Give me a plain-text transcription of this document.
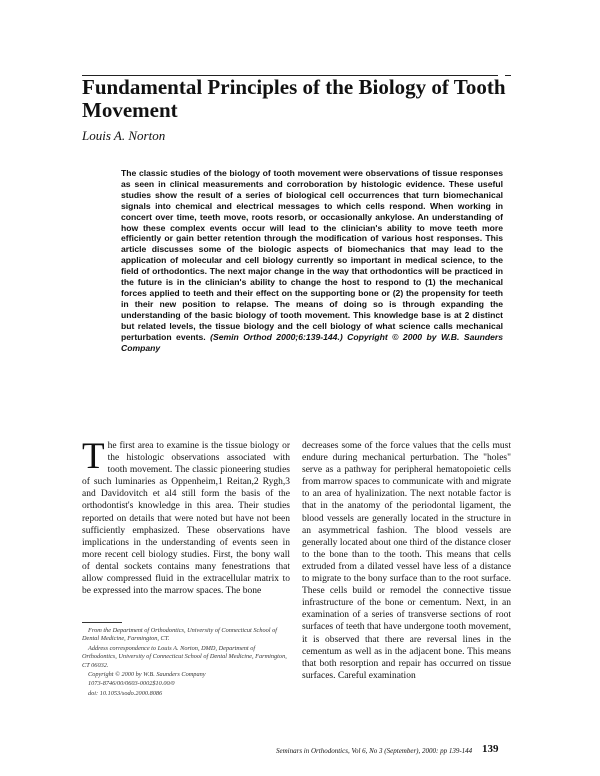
Fundamental Principles of the Biology of Tooth Movement

Louis A. Norton

The classic studies of the biology of tooth movement were observations of tissue responses as seen in clinical measurements and corroboration by histologic evidence. These useful studies show the result of a series of biological cell occurrences that turn biomechanical signals into chemical and electrical messages to which cells respond. When working in concert over time, teeth move, roots resorb, or occasionally ankylose. An understanding of how these complex events occur will lead to the clinician's ability to move teeth more efficiently or gain better retention through the modification of various host responses. This article discusses some of the biologic aspects of biomechanics that may lead to the application of molecular and cell biology currently so important in medical science, to the field of orthodontics. The next major change in the way that orthodontics will be practiced in the future is in the clinician's ability to change the host to respond to (1) the mechanical forces applied to teeth and their effect on the supporting bone or (2) the propensity for teeth in their new position to relapse. The means of doing so is through expanding the understanding of the basic biology of tooth movement. This knowledge base is at 2 distinct but related levels, the tissue biology and the cell biology of what science calls mechanical perturbation events. (Semin Orthod 2000;6:139-144.) Copyright © 2000 by W.B. Saunders Company

T he first area to examine is the tissue biology or the histologic observations associated with tooth movement. The classic pioneering studies of such luminaries as Oppenheim,1 Reitan,2 Rygh,3 and Davidovitch et al4 still form the basis of the orthodontist's knowledge in this area. Their studies reported on details that were noted but have not been sufficiently emphasized. These observations have implications in the understanding of events seen in more recent cell biology studies. First, the bony wall of dental sockets contains many fenestrations that allow compressed fluid in the extracellular matrix to be expressed into the marrow spaces. The bone

decreases some of the force values that the cells must endure during mechanical perturbation. The "holes" serve as a pathway for peripheral hematopoietic cells from marrow spaces to communicate with and migrate to an area of hyalinization. The next notable factor is that in the anatomy of the periodontal ligament, the blood vessels are generally located in the structure in an asymmetrical fashion. The blood vessels are generally located about one third of the distance closer to the bone than to the tooth. This means that cells extruded from a dilated vessel have less of a distance to migrate to the bony surface than to the root surface. These cells build or remodel the connective tissue infrastructure of the bone or cementum. Next, in an examination of a series of transverse sections of root surfaces of teeth that have undergone tooth movement, it is observed that there are reversal lines in the cementum as well as in the adjacent bone. This means that both resorption and repair has occurred on tissue surfaces. Careful examination

From the Department of Orthodontics, University of Connecticut School of Dental Medicine, Farmington, CT.

Address correspondence to Louis A. Norton, DMD, Department of Orthodontics, University of Connecticut School of Dental Medicine, Farmington, CT 06032.

Copyright © 2000 by W.B. Saunders Company

1073-8746/00/0603-0002$10.00/0

doi: 10.1053/sodo.2000.8086

Seminars in Orthodontics, Vol 6, No 3 (September), 2000: pp 139-144 139
